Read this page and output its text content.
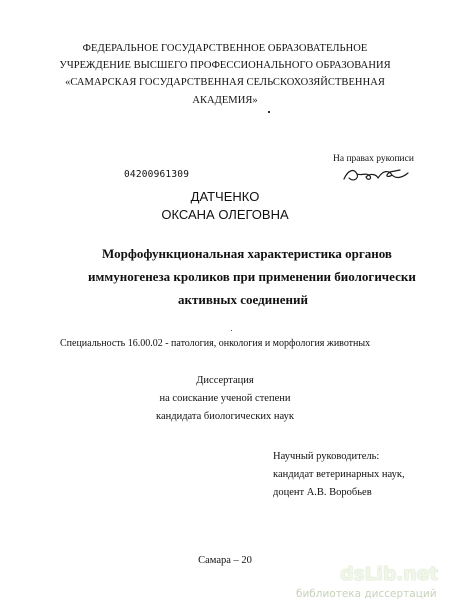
ФЕДЕРАЛЬНОЕ ГОСУДАРСТВЕННОЕ ОБРАЗОВАТЕЛЬНОЕ
УЧРЕЖДЕНИЕ ВЫСШЕГО ПРОФЕССИОНАЛЬНОГО ОБРАЗОВАНИЯ
«САМАРСКАЯ ГОСУДАРСТВЕННАЯ СЕЛЬСКОХОЗЯЙСТВЕННАЯ
АКАДЕМИЯ»
На правах рукописи
04200961309
ДАТЧЕНКО
ОКСАНА ОЛЕГОВНА
Морфофункциональная характеристика органов
иммуногенеза кроликов при применении биологически
активных соединений
Специальность 16.00.02 - патология, онкология и морфология животных
Диссертация
на соискание ученой степени
кандидата биологических наук
Научный руководитель:
кандидат ветеринарных наук,
доцент А.В. Воробьев
Самара – 20
dsLib.net
библиотека диссертаций
